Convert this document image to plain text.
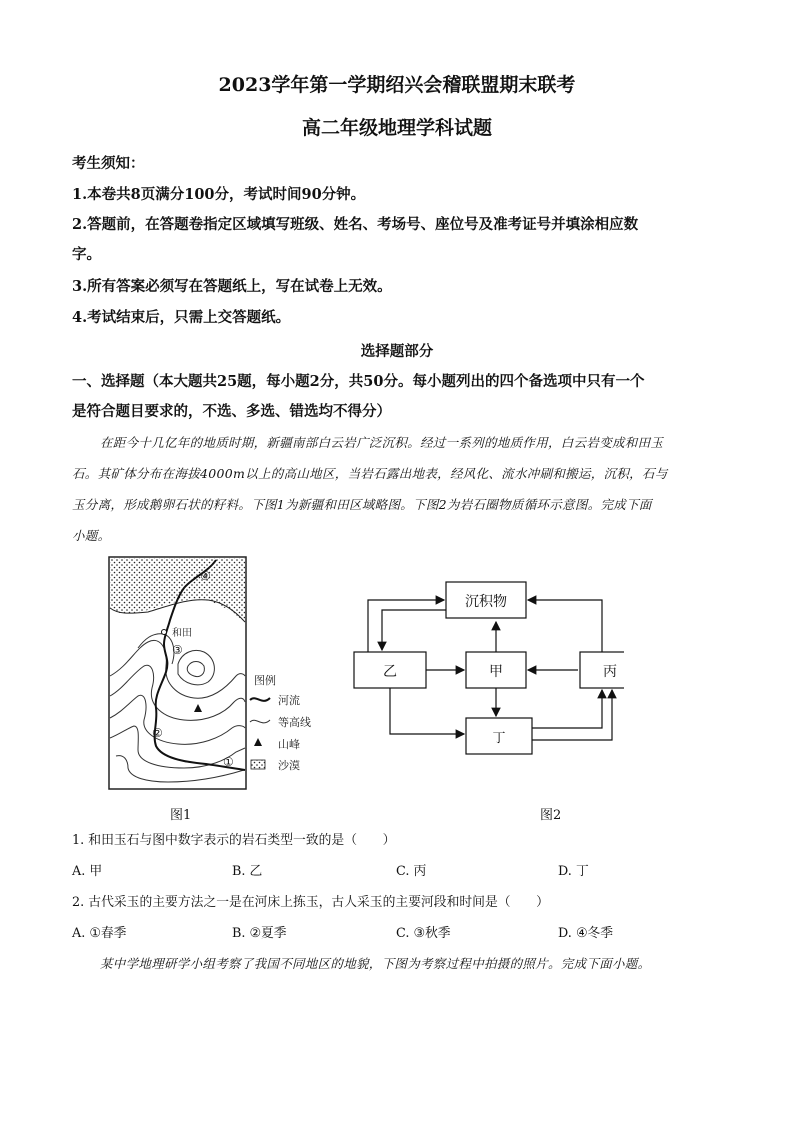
2023学年第一学期绍兴会稽联盟期末联考
高二年级地理学科试题
考生须知：
1.本卷共8页满分100分，考试时间90分钟。
2.答题前，在答题卷指定区域填写班级、姓名、考场号、座位号及准考证号并填涂相应数
字。
3.所有答案必须写在答题纸上，写在试卷上无效。
4.考试结束后，只需上交答题纸。
选择题部分
一、选择题（本大题共25题，每小题2分，共50分。每小题列出的四个备选项中只有一个
是符合题目要求的，不选、多选、错选均不得分）
在距今十几亿年的地质时期，新疆南部白云岩广泛沉积。经过一系列的地质作用，白云岩变成和田玉
石。其矿体分布在海拔4000m以上的高山地区，当岩石露出地表，经风化、流水冲刷和搬运，沉积，石与
玉分离，形成鹅卵石状的籽料。下图1为新疆和田区域略图。下图2为岩石圈物质循环示意图。完成下面
小题。
和田
④
③
②
①
图例
河流
等高线
山峰
沙漠
图1
沉积物
乙	甲	丙
丁
图2
1. 和田玉石与图中数字表示的岩石类型一致的是（　　）
A. 甲	B. 乙	C. 丙	D. 丁
2. 古代采玉的主要方法之一是在河床上拣玉，古人采玉的主要河段和时间是（　　）
A. ①春季	B. ②夏季	C. ③秋季	D. ④冬季
某中学地理研学小组考察了我国不同地区的地貌，下图为考察过程中拍摄的照片。完成下面小题。
